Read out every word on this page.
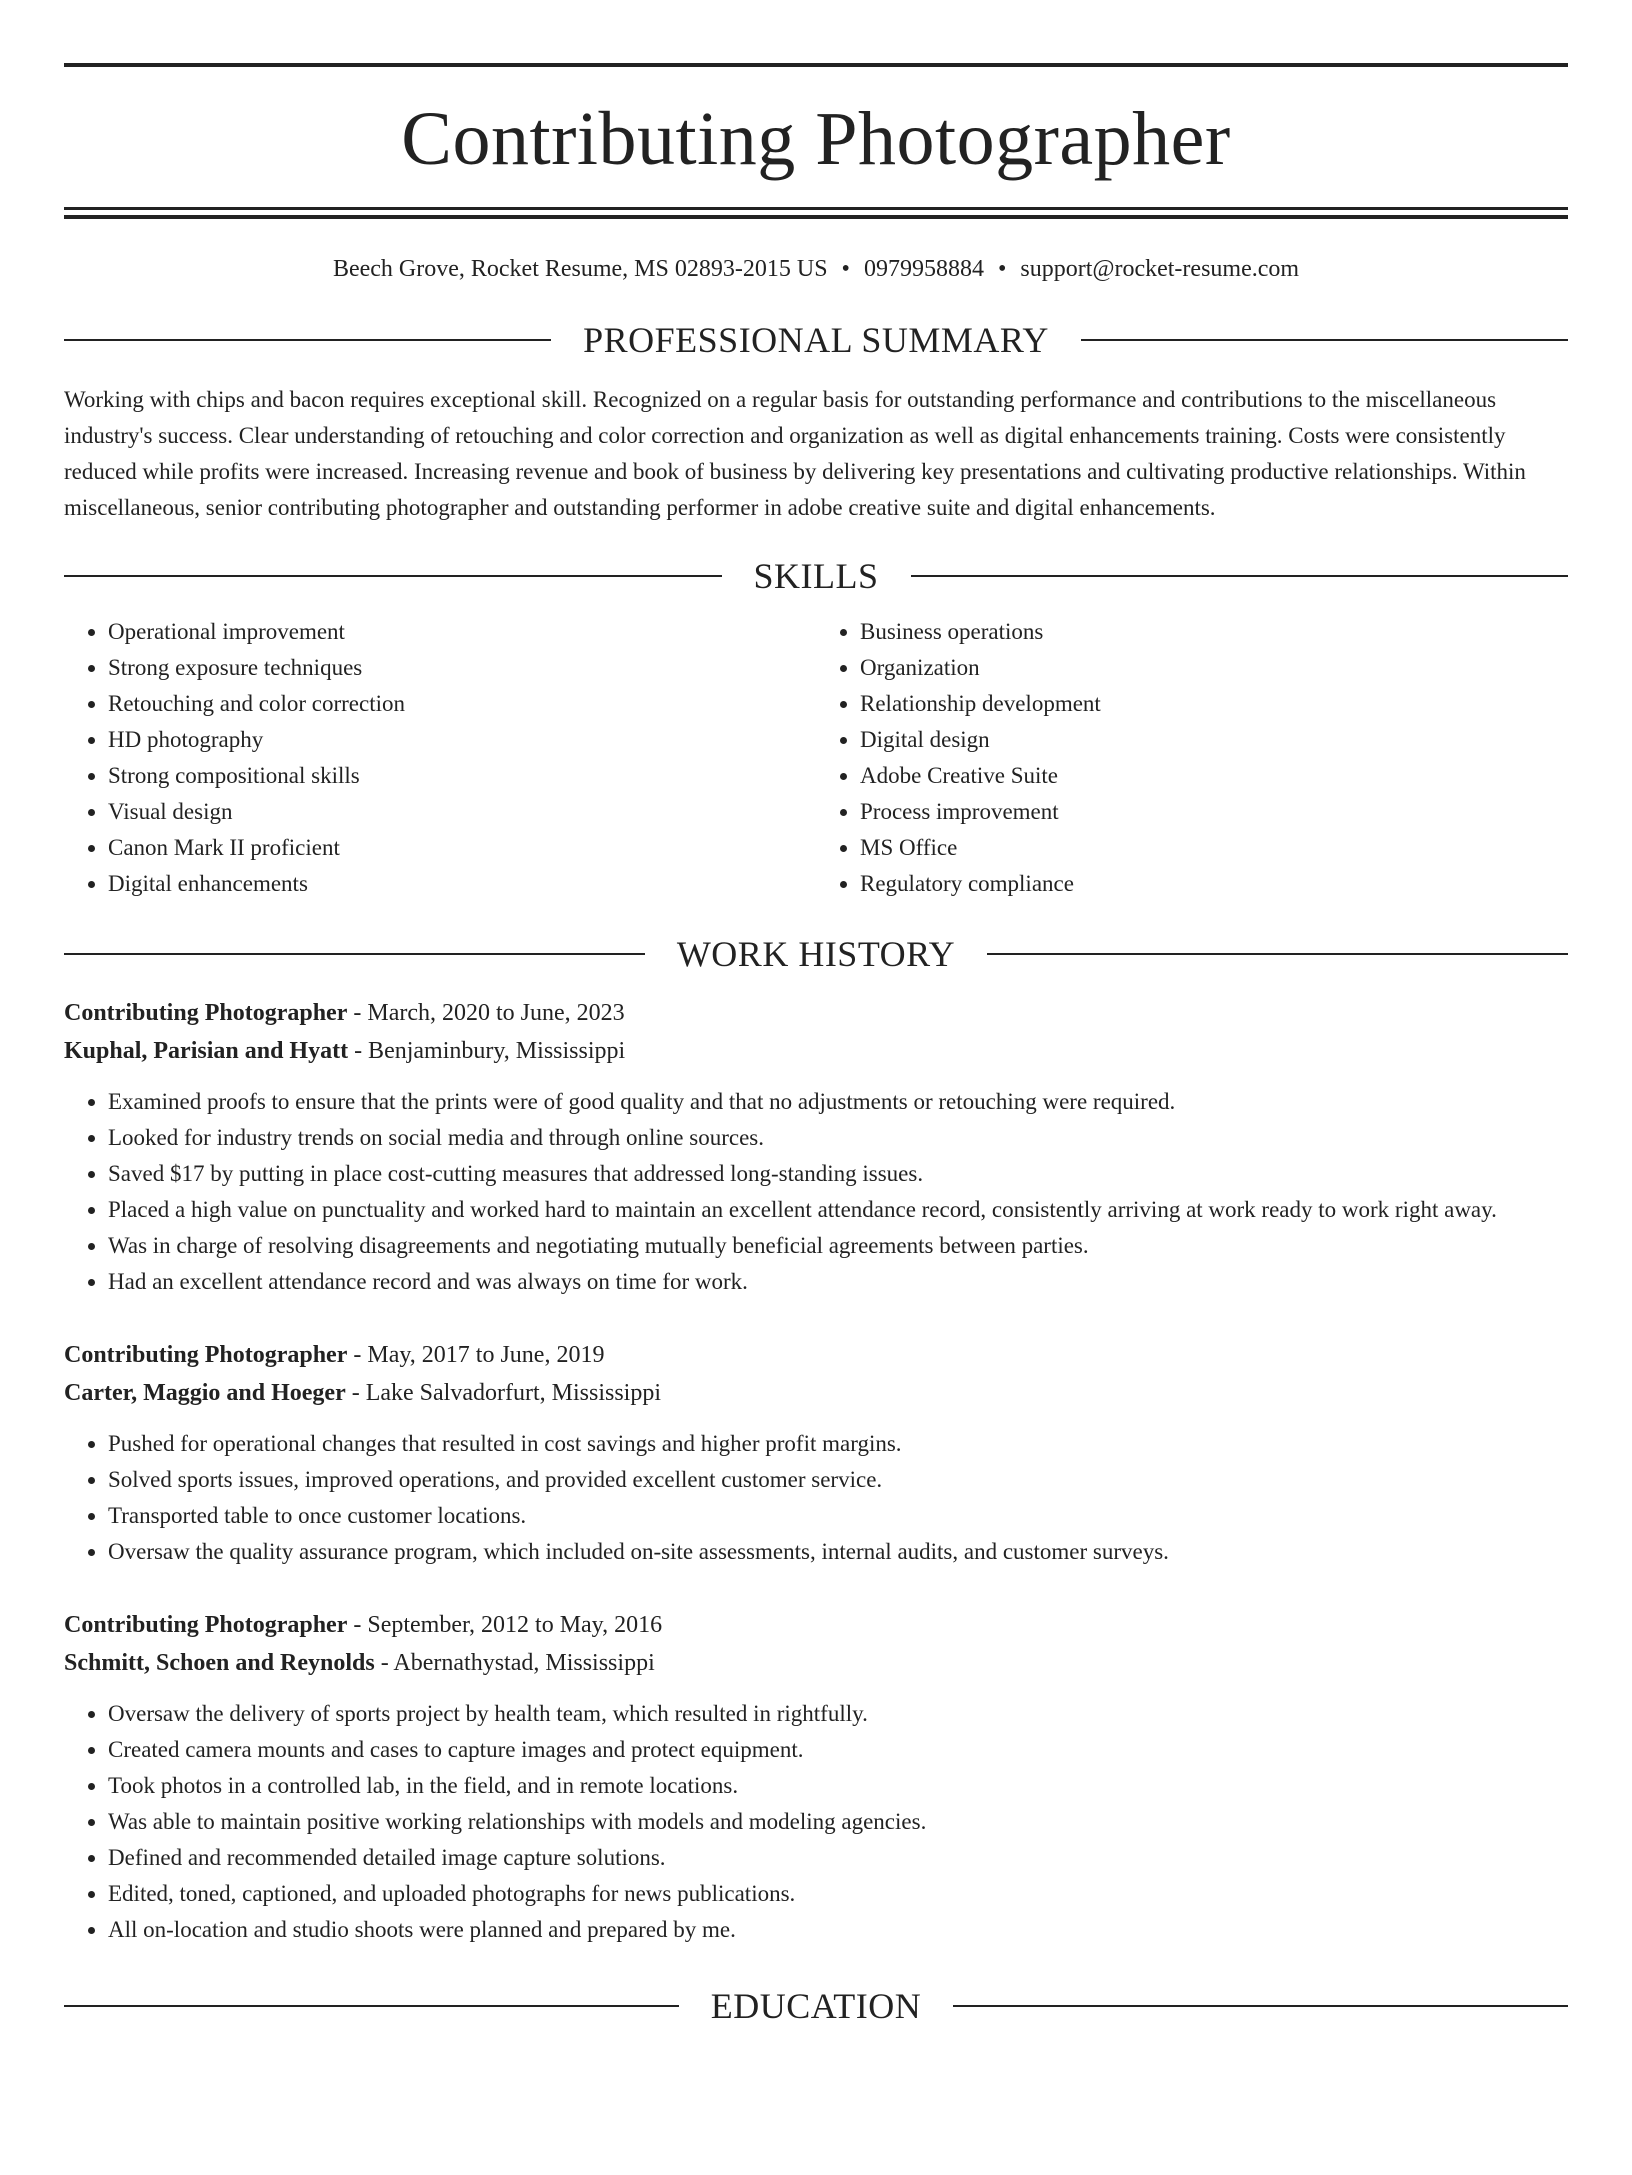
Contributing Photographer
Beech Grove, Rocket Resume, MS 02893-2015 US • 0979958884 • support@rocket-resume.com
PROFESSIONAL SUMMARY
Working with chips and bacon requires exceptional skill. Recognized on a regular basis for outstanding performance and contributions to the miscellaneous industry's success. Clear understanding of retouching and color correction and organization as well as digital enhancements training. Costs were consistently reduced while profits were increased. Increasing revenue and book of business by delivering key presentations and cultivating productive relationships. Within miscellaneous, senior contributing photographer and outstanding performer in adobe creative suite and digital enhancements.
SKILLS
• Operational improvement
• Strong exposure techniques
• Retouching and color correction
• HD photography
• Strong compositional skills
• Visual design
• Canon Mark II proficient
• Digital enhancements
• Business operations
• Organization
• Relationship development
• Digital design
• Adobe Creative Suite
• Process improvement
• MS Office
• Regulatory compliance
WORK HISTORY
Contributing Photographer - March, 2020 to June, 2023
Kuphal, Parisian and Hyatt - Benjaminbury, Mississippi
• Examined proofs to ensure that the prints were of good quality and that no adjustments or retouching were required.
• Looked for industry trends on social media and through online sources.
• Saved $17 by putting in place cost-cutting measures that addressed long-standing issues.
• Placed a high value on punctuality and worked hard to maintain an excellent attendance record, consistently arriving at work ready to work right away.
• Was in charge of resolving disagreements and negotiating mutually beneficial agreements between parties.
• Had an excellent attendance record and was always on time for work.
Contributing Photographer - May, 2017 to June, 2019
Carter, Maggio and Hoeger - Lake Salvadorfurt, Mississippi
• Pushed for operational changes that resulted in cost savings and higher profit margins.
• Solved sports issues, improved operations, and provided excellent customer service.
• Transported table to once customer locations.
• Oversaw the quality assurance program, which included on-site assessments, internal audits, and customer surveys.
Contributing Photographer - September, 2012 to May, 2016
Schmitt, Schoen and Reynolds - Abernathystad, Mississippi
• Oversaw the delivery of sports project by health team, which resulted in rightfully.
• Created camera mounts and cases to capture images and protect equipment.
• Took photos in a controlled lab, in the field, and in remote locations.
• Was able to maintain positive working relationships with models and modeling agencies.
• Defined and recommended detailed image capture solutions.
• Edited, toned, captioned, and uploaded photographs for news publications.
• All on-location and studio shoots were planned and prepared by me.
EDUCATION
